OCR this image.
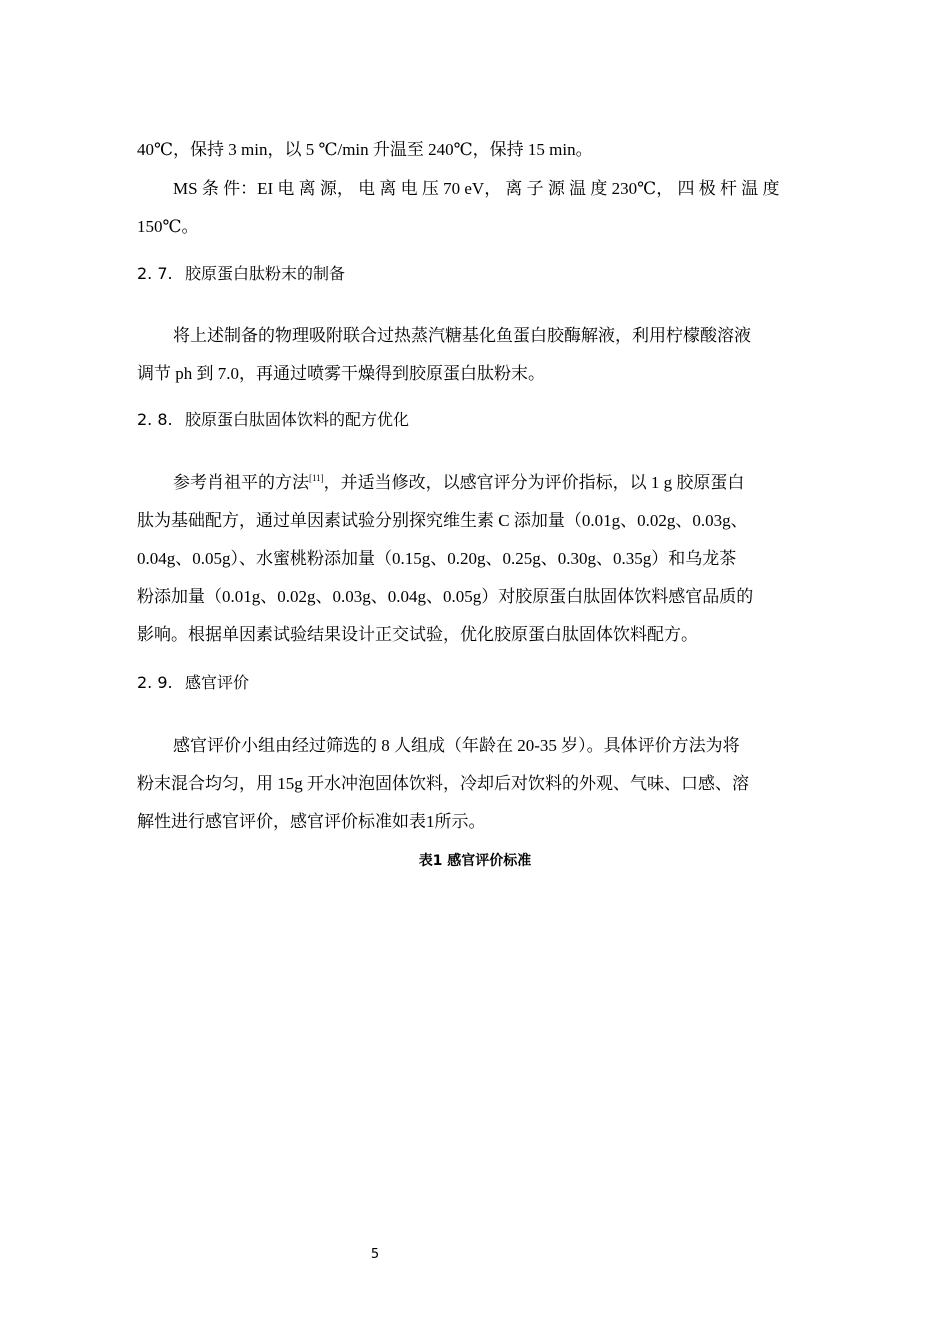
40℃，保持 3 min，以 5 ℃/min 升温至 240℃，保持 15 min。
MS 条 件：EI 电 离 源， 电 离 电 压 70 eV， 离 子 源 温 度 230℃， 四 极 杆 温 度
150℃。
2. 7. 胶原蛋白肽粉末的制备
将上述制备的物理吸附联合过热蒸汽糖基化鱼蛋白胶酶解液，利用柠檬酸溶液
调节 ph 到 7.0，再通过喷雾干燥得到胶原蛋白肽粉末。
2. 8. 胶原蛋白肽固体饮料的配方优化
参考肖祖平的方法[11]，并适当修改，以感官评分为评价指标，以 1 g 胶原蛋白
肽为基础配方，通过单因素试验分别探究维生素 C 添加量（0.01g、0.02g、0.03g、
0.04g、0.05g）、水蜜桃粉添加量（0.15g、0.20g、0.25g、0.30g、0.35g）和乌龙茶
粉添加量（0.01g、0.02g、0.03g、0.04g、0.05g）对胶原蛋白肽固体饮料感官品质的
影响。根据单因素试验结果设计正交试验，优化胶原蛋白肽固体饮料配方。
2. 9. 感官评价
感官评价小组由经过筛选的 8 人组成（年龄在 20-35 岁）。具体评价方法为将
粉末混合均匀，用 15g 开水冲泡固体饮料，冷却后对饮料的外观、气味、口感、溶
解性进行感官评价，感官评价标准如表1所示。
表1 感官评价标准
5
